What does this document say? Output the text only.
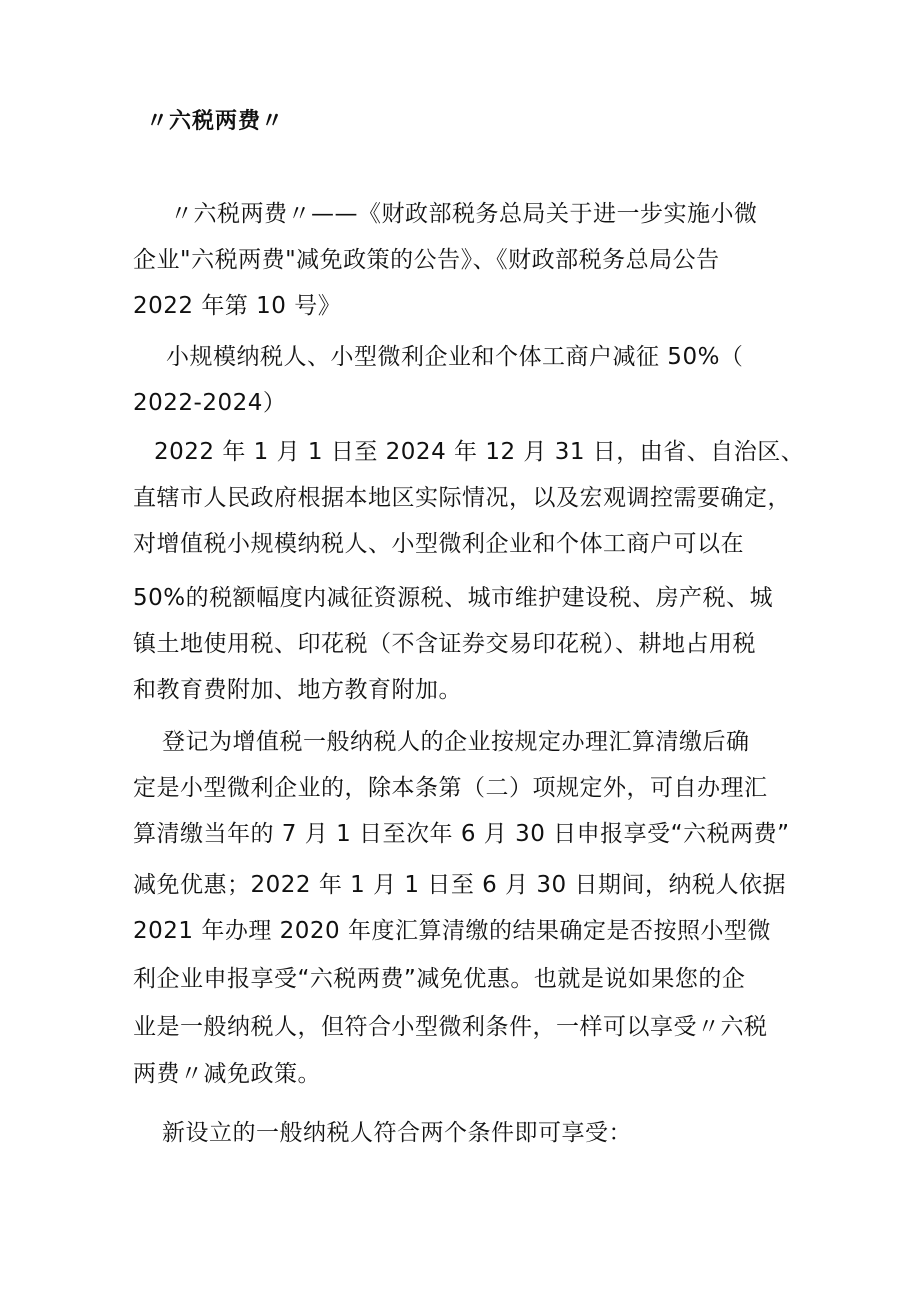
〃六税两费〃
〃六税两费〃——《财政部税务总局关于进一步实施小微
企业"六税两费"减免政策的公告》、《财政部税务总局公告
2022 年第 10 号》
小规模纳税人、小型微利企业和个体工商户减征 50%（
2022-2024）
2022 年 1 月 1 日至 2024 年 12 月 31 日，由省、自治区、
直辖市人民政府根据本地区实际情况，以及宏观调控需要确定，
对增值税小规模纳税人、小型微利企业和个体工商户可以在
50%的税额幅度内减征资源税、城市维护建设税、房产税、城
镇土地使用税、印花税（不含证券交易印花税）、耕地占用税
和教育费附加、地方教育附加。
登记为增值税一般纳税人的企业按规定办理汇算清缴后确
定是小型微利企业的，除本条第（二）项规定外，可自办理汇
算清缴当年的 7 月 1 日至次年 6 月 30 日申报享受“六税两费”
减免优惠；2022 年 1 月 1 日至 6 月 30 日期间，纳税人依据
2021 年办理 2020 年度汇算清缴的结果确定是否按照小型微
利企业申报享受“六税两费”减免优惠。也就是说如果您的企
业是一般纳税人，但符合小型微利条件，一样可以享受〃六税
两费〃减免政策。
新设立的一般纳税人符合两个条件即可享受：
